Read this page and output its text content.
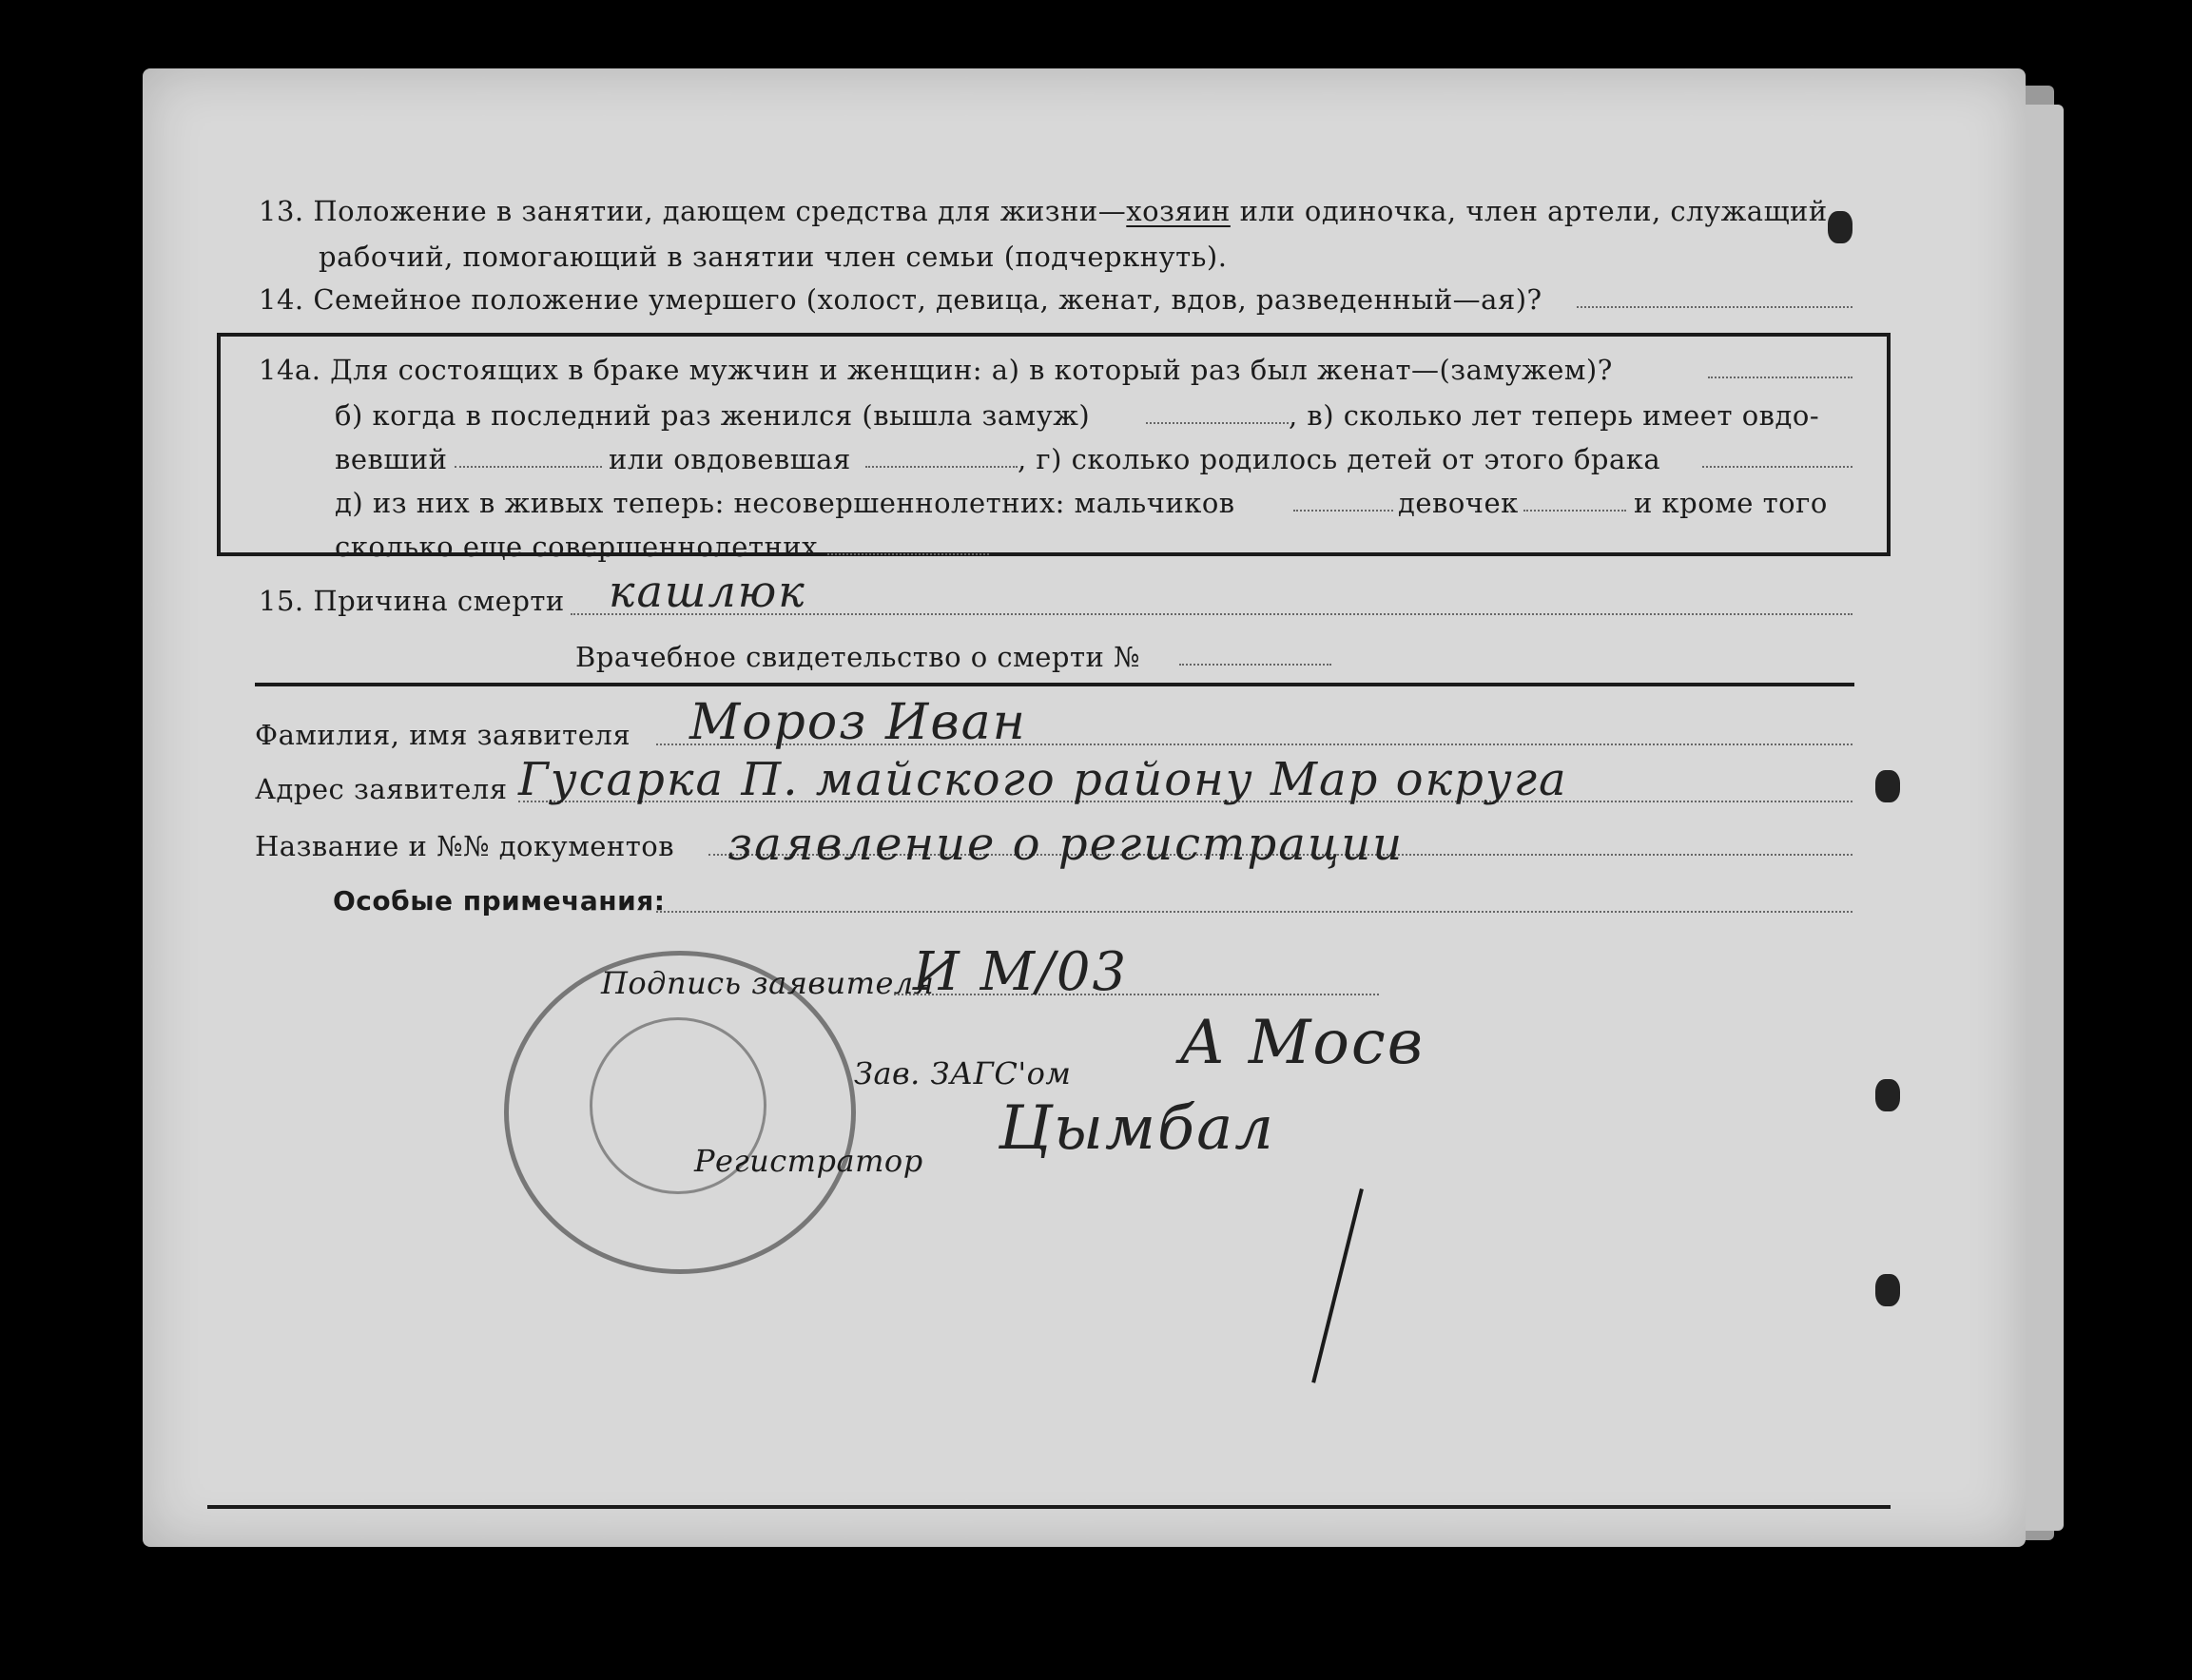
13. Положение в занятии, дающем средства для жизни—хозяин или одиночка, член артели, служащий
рабочий, помогающий в занятии член семьи (подчеркнуть).
14. Семейное положение умершего (холост, девица, женат, вдов, разведенный—ая)?
14а. Для состоящих в браке мужчин и женщин: а) в который раз был женат—(замужем)?
б) когда в последний раз женился (вышла замуж)	, в) сколько лет теперь имеет овдо-
вевший	или овдовевшая	, г) сколько родилось детей от этого брака
д) из них в живых теперь: несовершеннолетних: мальчиков	девочек	и кроме того
сколько еще совершеннолетних
15. Причина смерти кашлюк
Врачебное свидетельство о смерти №
Фамилия, имя заявителя Мороз Иван
Адрес заявителя Гусарка П. майского району Мар округа
Название и №№ документов заявление о регистрации
Особые примечания:
Подпись заявителя
И М/03
Зав. ЗАГС'ом А Мосв
Регистратор Цымбал
